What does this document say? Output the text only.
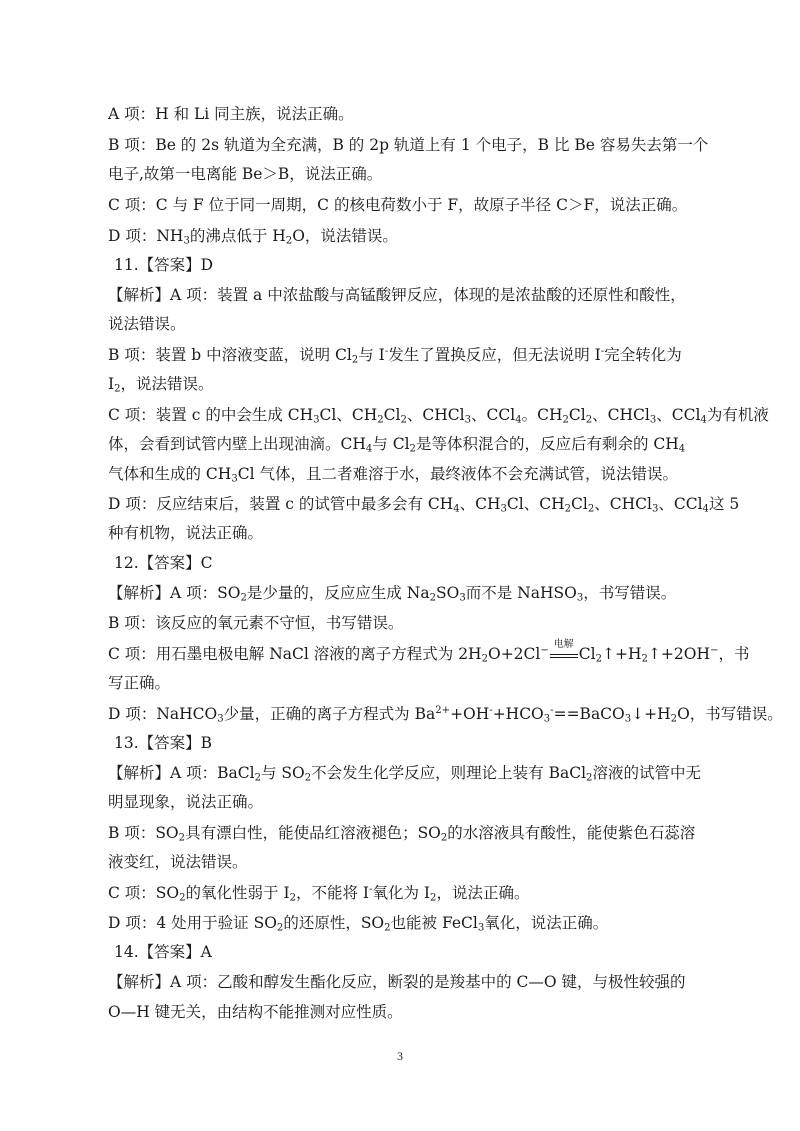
A 项：H 和 Li 同主族，说法正确。
B 项：Be 的 2s 轨道为全充满，B 的 2p 轨道上有 1 个电子，B 比 Be 容易失去第一个
电子,故第一电离能 Be＞B，说法正确。
C 项：C 与 F 位于同一周期，C 的核电荷数小于 F，故原子半径 C＞F，说法正确。
D 项：$NH_3$的沸点低于 $H_2O$，说法错误。
11.【答案】D
【解析】A 项：装置 a 中浓盐酸与高锰酸钾反应，体现的是浓盐酸的还原性和酸性，
说法错误。
B 项：装置 b 中溶液变蓝，说明 $Cl_2$与 I-发生了置换反应，但无法说明 I-完全转化为
$I_2$，说法错误。
C 项：装置 c 的中会生成 $CH_3Cl$、$CH_2Cl_2$、CHCl$_3$、CCl$_4$。$CH_2Cl_2$、CHCl$_3$、CCl$_4$为有机液
体，会看到试管内壁上出现油滴。$CH_4$与 $Cl_2$是等体积混合的，反应后有剩余的 $CH_4$
气体和生成的 $CH_3Cl$ 气体，且二者难溶于水，最终液体不会充满试管，说法错误。
D 项：反应结束后，装置 c 的试管中最多会有 $CH_4$、$CH_3Cl$、$CH_2Cl_2$、CHCl$_3$、CCl$_4$这 5
种有机物，说法正确。
12.【答案】C
【解析】A 项：$SO_2$是少量的，反应应生成 $Na_2SO_3$而不是 NaHSO$_3$，书写错误。
B 项：该反应的氧元素不守恒，书写错误。
C 项：用石墨电极电解 NaCl 溶液的离子方程式为 $2H_2O+2Cl^-$
电解
$Cl_2↑+H_2↑+2OH^-$，书
写正确。
D 项：NaHCO$_3$少量，正确的离子方程式为 $Ba^{2+}+OH^-+HCO_3^-==BaCO_3↓+H_2O$，书写错误。
13.【答案】B
【解析】A 项：BaCl$_2$与 $SO_2$不会发生化学反应，则理论上装有 BaCl$_2$溶液的试管中无
明显现象，说法正确。
B 项：$SO_2$具有漂白性，能使品红溶液褪色；$SO_2$的水溶液具有酸性，能使紫色石蕊溶
液变红，说法错误。
C 项：$SO_2$的氧化性弱于 $I_2$，不能将 I-氧化为 $I_2$，说法正确。
D 项：4 处用于验证 $SO_2$的还原性，$SO_2$也能被 FeCl$_3$氧化，说法正确。
14.【答案】A
【解析】A 项：乙酸和醇发生酯化反应，断裂的是羧基中的 C—O 键，与极性较强的
O—H 键无关，由结构不能推测对应性质。
3
